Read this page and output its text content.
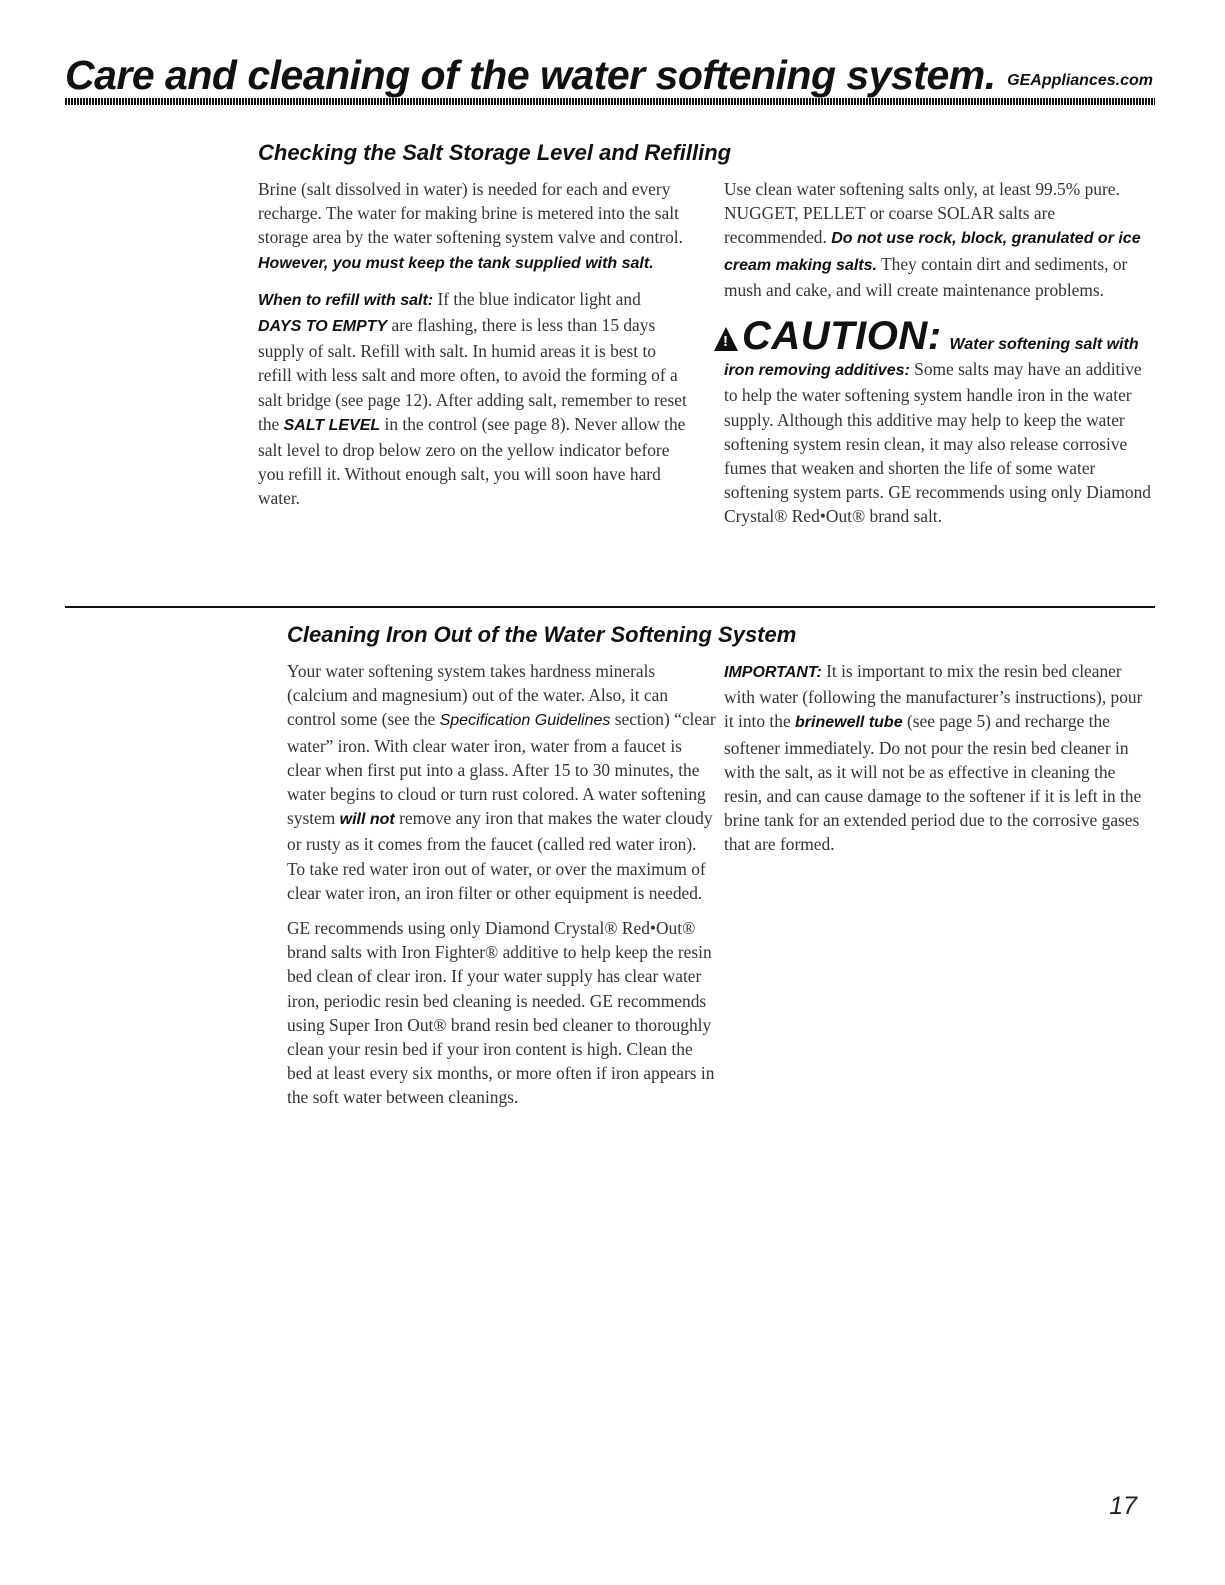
Care and cleaning of the water softening system. GEAppliances.com
Checking the Salt Storage Level and Refilling

Brine (salt dissolved in water) is needed for each and every recharge. The water for making brine is metered into the salt storage area by the water softening system valve and control. However, you must keep the tank supplied with salt.

When to refill with salt: If the blue indicator light and DAYS TO EMPTY are flashing, there is less than 15 days supply of salt. Refill with salt. In humid areas it is best to refill with less salt and more often, to avoid the forming of a salt bridge (see page 12). After adding salt, remember to reset the SALT LEVEL in the control (see page 8). Never allow the salt level to drop below zero on the yellow indicator before you refill it. Without enough salt, you will soon have hard water.

Use clean water softening salts only, at least 99.5% pure. NUGGET, PELLET or coarse SOLAR salts are recommended. Do not use rock, block, granulated or ice cream making salts. They contain dirt and sediments, or mush and cake, and will create maintenance problems.

!
CAUTION: Water softening salt with

iron removing additives: Some salts may have an additive to help the water softening system handle iron in the water supply. Although this additive may help to keep the water softening system resin clean, it may also release corrosive fumes that weaken and shorten the life of some water softening system parts. GE recommends using only Diamond Crystal® Red•Out® brand salt.

Cleaning Iron Out of the Water Softening System

Your water softening system takes hardness minerals (calcium and magnesium) out of the water. Also, it can control some (see the Specification Guidelines section) “clear water” iron. With clear water iron, water from a faucet is clear when first put into a glass. After 15 to 30 minutes, the water begins to cloud or turn rust colored. A water softening system will not remove any iron that makes the water cloudy or rusty as it comes from the faucet (called red water iron). To take red water iron out of water, or over the maximum of clear water iron, an iron filter or other equipment is needed.

GE recommends using only Diamond Crystal® Red•Out® brand salts with Iron Fighter® additive to help keep the resin bed clean of clear iron. If your water supply has clear water iron, periodic resin bed cleaning is needed. GE recommends using Super Iron Out® brand resin bed cleaner to thoroughly clean your resin bed if your iron content is high. Clean the bed at least every six months, or more often if iron appears in the soft water between cleanings.

IMPORTANT: It is important to mix the resin bed cleaner with water (following the manufacturer’s instructions), pour it into the brinewell tube (see page 5) and recharge the softener immediately. Do not pour the resin bed cleaner in with the salt, as it will not be as effective in cleaning the resin, and can cause damage to the softener if it is left in the brine tank for an extended period due to the corrosive gases that are formed.

17
